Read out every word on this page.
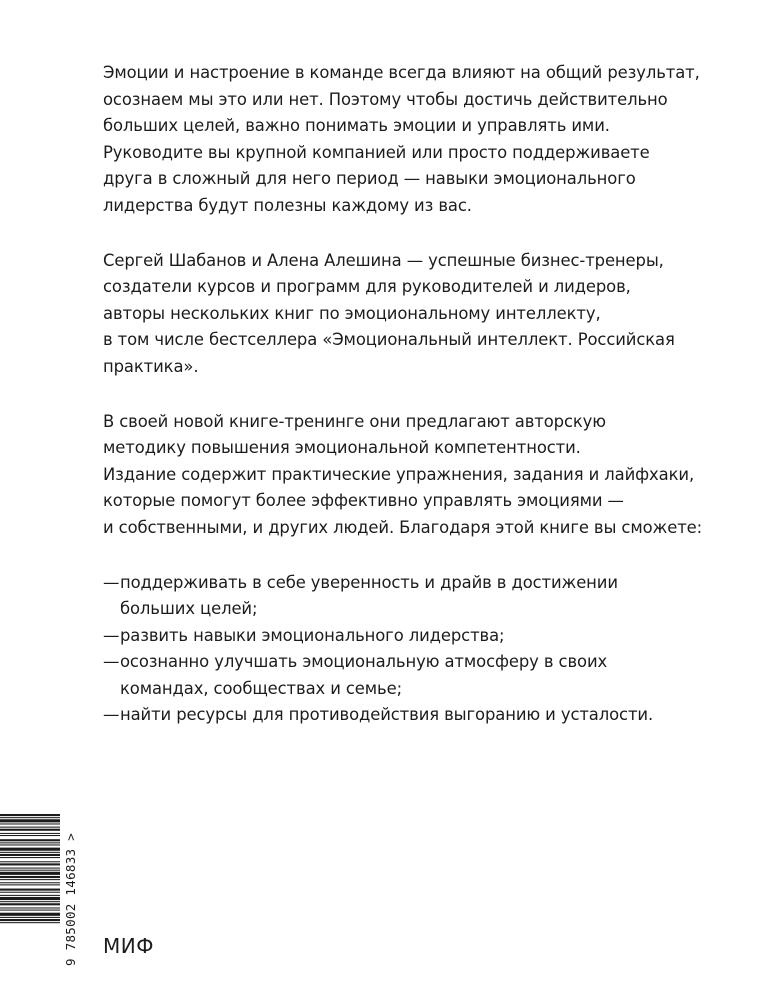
Эмоции и настроение в команде всегда влияют на общий результат,
осознаем мы это или нет. Поэтому чтобы достичь действительно
больших целей, важно понимать эмоции и управлять ими.
Руководите вы крупной компанией или просто поддерживаете
друга в сложный для него период — навыки эмоционального
лидерства будут полезны каждому из вас.
Сергей Шабанов и Алена Алешина — успешные бизнес-тренеры,
создатели курсов и программ для руководителей и лидеров,
авторы нескольких книг по эмоциональному интеллекту,
в том числе бестселлера «Эмоциональный интеллект. Российская
практика».
В своей новой книге-тренинге они предлагают авторскую
методику повышения эмоциональной компетентности.
Издание содержит практические упражнения, задания и лайфхаки,
которые помогут более эффективно управлять эмоциями —
и собственными, и других людей. Благодаря этой книге вы сможете:
— поддерживать в себе уверенность и драйв в достижении
больших целей;
— развить навыки эмоционального лидерства;
— осознанно улучшать эмоциональную атмосферу в своих
командах, сообществах и семье;
— найти ресурсы для противодействия выгоранию и усталости.
9 785002 146833 > МИФ
